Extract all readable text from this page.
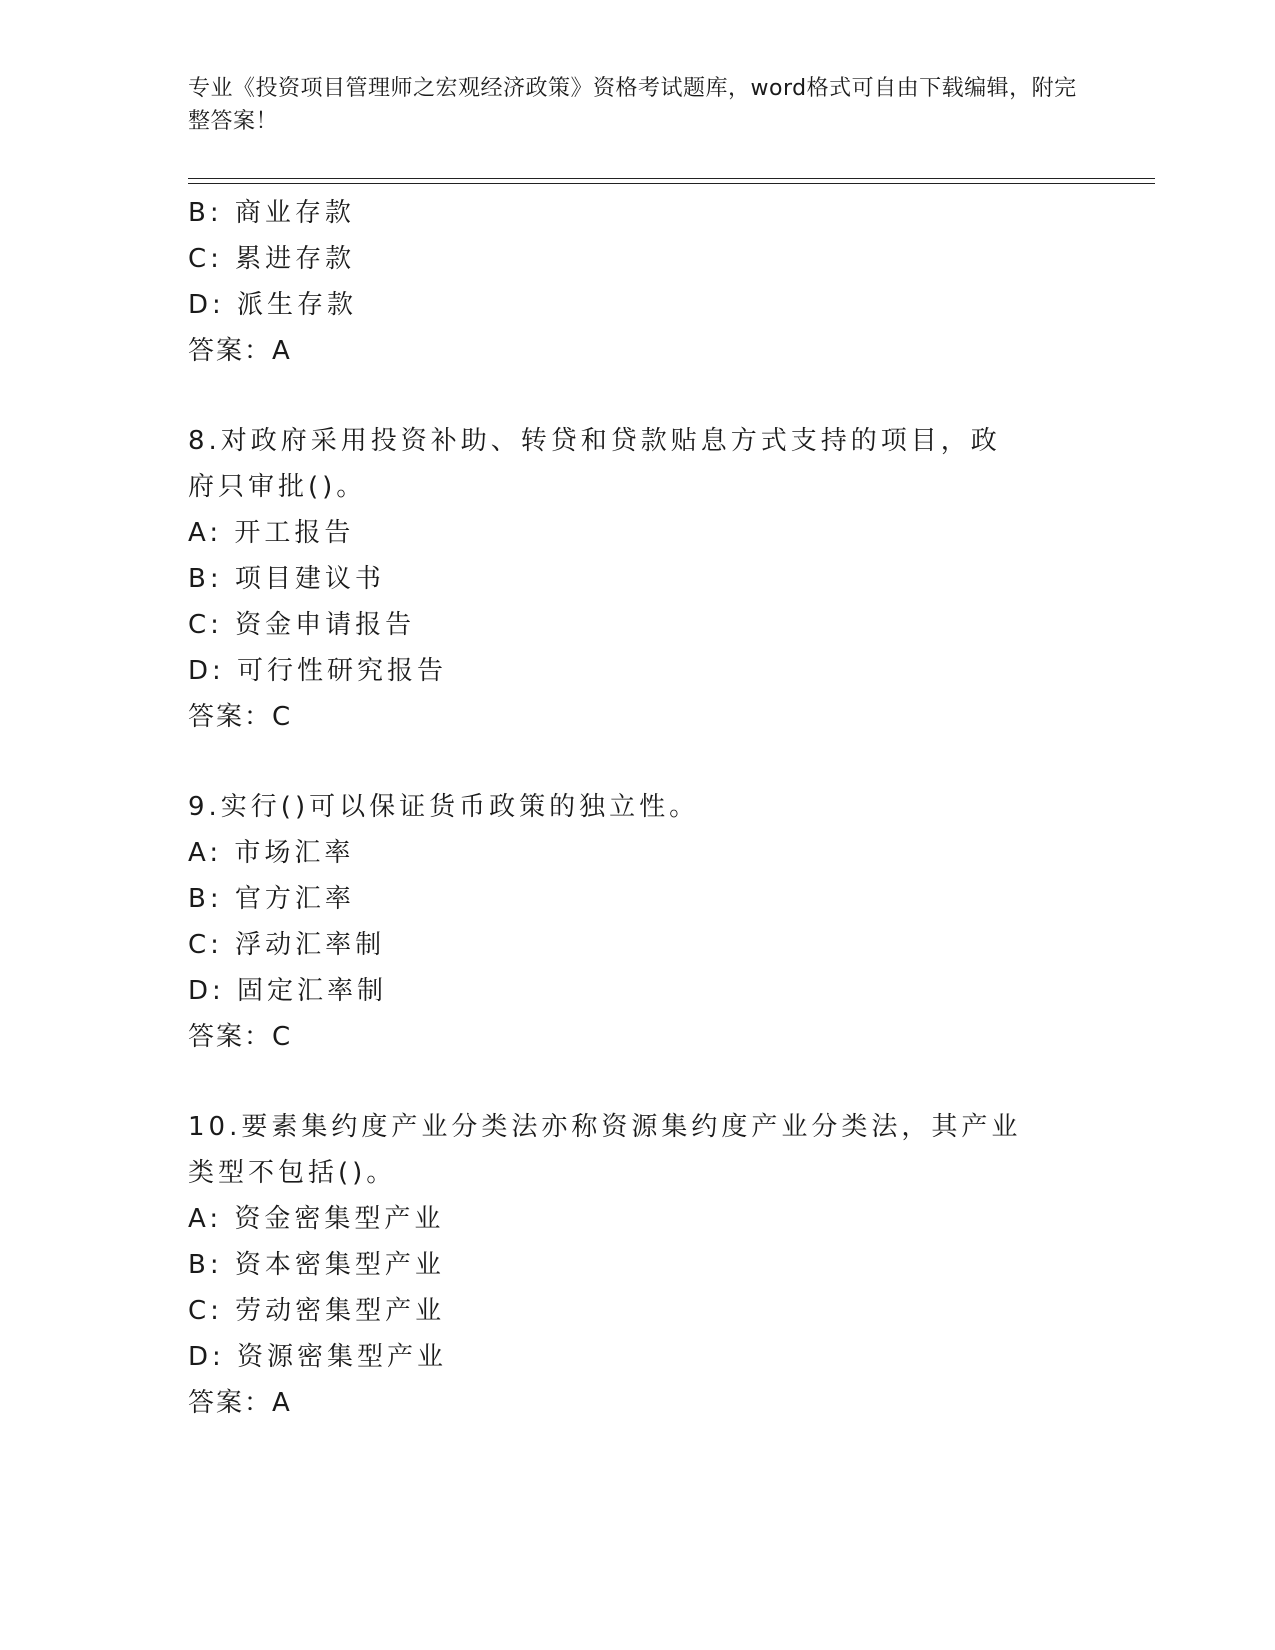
专业《投资项目管理师之宏观经济政策》资格考试题库，word格式可自由下载编辑，附完整答案！
B: 商业存款
C: 累进存款
D: 派生存款
答案：A
8.对政府采用投资补助、转贷和贷款贴息方式支持的项目，政府只审批()。
A: 开工报告
B: 项目建议书
C: 资金申请报告
D: 可行性研究报告
答案：C
9.实行()可以保证货币政策的独立性。
A: 市场汇率
B: 官方汇率
C: 浮动汇率制
D: 固定汇率制
答案：C
10.要素集约度产业分类法亦称资源集约度产业分类法，其产业类型不包括()。
A: 资金密集型产业
B: 资本密集型产业
C: 劳动密集型产业
D: 资源密集型产业
答案：A
